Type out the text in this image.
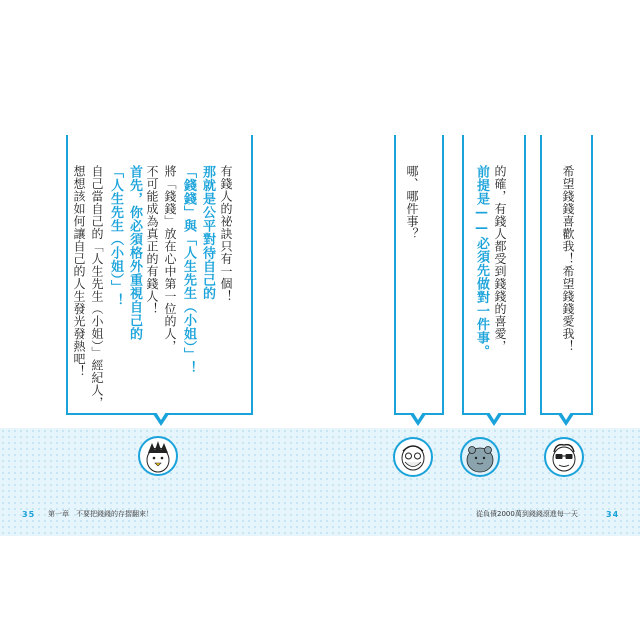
有錢人的祕訣只有一個！
那就是公平對待自己的
「錢錢」與「人生先生（小姐）」！
將「錢錢」放在心中第一位的人，
不可能成為真正的有錢人！
首先，你必須格外重視自己的
「人生先生（小姐）」！
自己當自己的「人生先生（小姐）」經紀人，
想想該如何讓自己的人生發光發熱吧！	哪、哪件事？	的確，有錢人都受到錢錢的喜愛，
前提是——必須先做對一件事。	希望錢錢喜歡我！希望錢錢愛我！
35 第一章　不要把錢錢的存摺翻來！	從負債2000萬到錢錢滾進每一天	34
